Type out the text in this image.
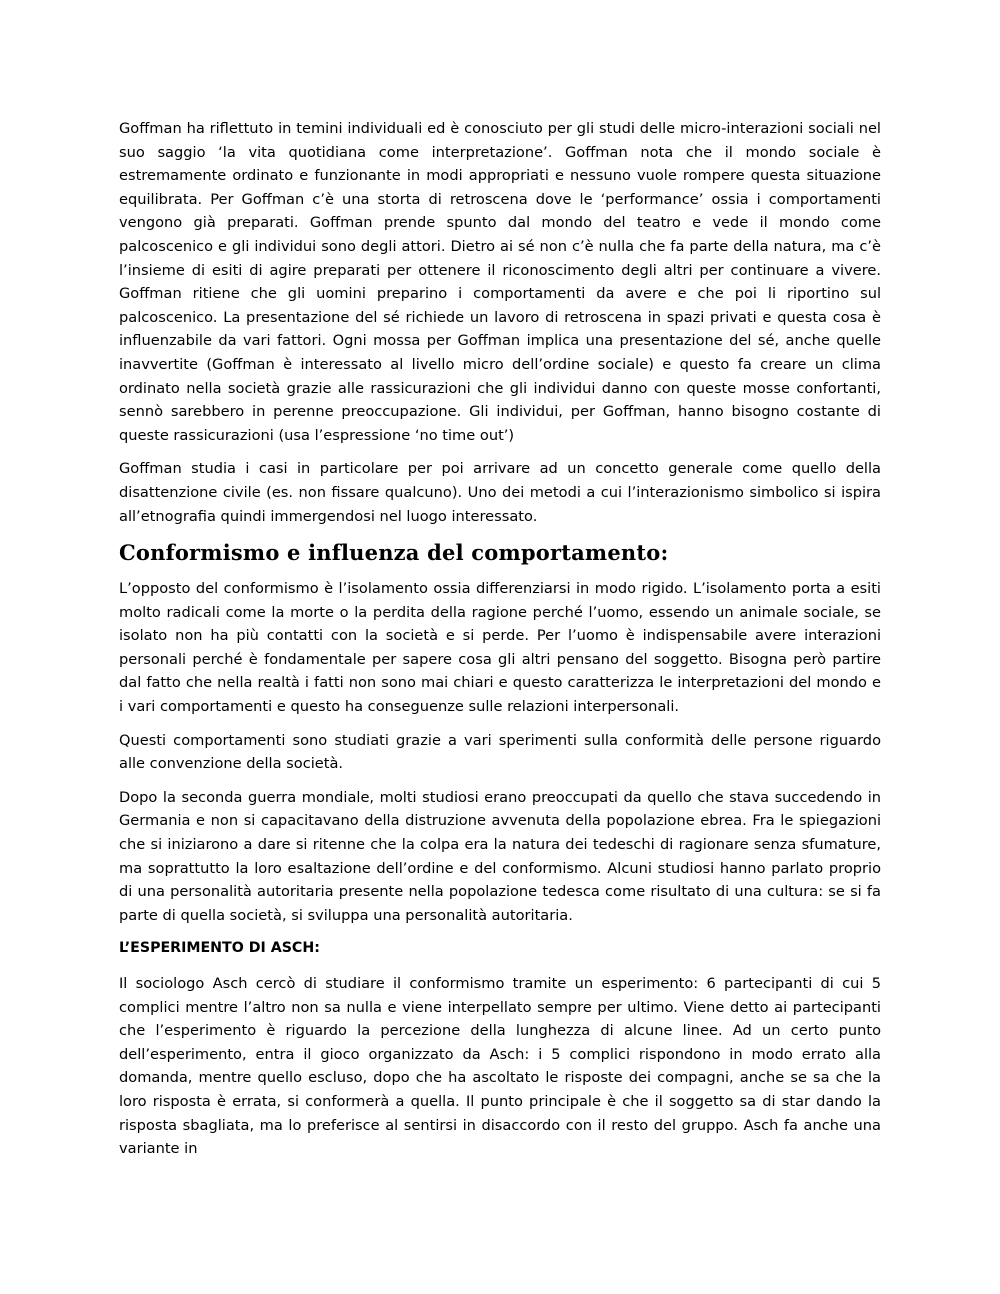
Goffman ha riflettuto in temini individuali ed è conosciuto per gli studi delle micro-interazioni sociali nel suo saggio ‘la vita quotidiana come interpretazione’. Goffman nota che il mondo sociale è estremamente ordinato e funzionante in modi appropriati e nessuno vuole rompere questa situazione equilibrata. Per Goffman c’è una storta di retroscena dove le ‘performance’ ossia i comportamenti vengono già preparati. Goffman prende spunto dal mondo del teatro e vede il mondo come palcoscenico e gli individui sono degli attori. Dietro ai sé non c’è nulla che fa parte della natura, ma c’è l’insieme di esiti di agire preparati per ottenere il riconoscimento degli altri per continuare a vivere. Goffman ritiene che gli uomini preparino i comportamenti da avere e che poi li riportino sul palcoscenico. La presentazione del sé richiede un lavoro di retroscena in spazi privati e questa cosa è influenzabile da vari fattori. Ogni mossa per Goffman implica una presentazione del sé, anche quelle inavvertite (Goffman è interessato al livello micro dell’ordine sociale) e questo fa creare un clima ordinato nella società grazie alle rassicurazioni che gli individui danno con queste mosse confortanti, sennò sarebbero in perenne preoccupazione. Gli individui, per Goffman, hanno bisogno costante di queste rassicurazioni (usa l’espressione ‘no time out’)

Goffman studia i casi in particolare per poi arrivare ad un concetto generale come quello della disattenzione civile (es. non fissare qualcuno). Uno dei metodi a cui l’interazionismo simbolico si ispira all’etnografia quindi immergendosi nel luogo interessato.

Conformismo e influenza del comportamento:

L’opposto del conformismo è l’isolamento ossia differenziarsi in modo rigido. L’isolamento porta a esiti molto radicali come la morte o la perdita della ragione perché l’uomo, essendo un animale sociale, se isolato non ha più contatti con la società e si perde. Per l’uomo è indispensabile avere interazioni personali perché è fondamentale per sapere cosa gli altri pensano del soggetto. Bisogna però partire dal fatto che nella realtà i fatti non sono mai chiari e questo caratterizza le interpretazioni del mondo e i vari comportamenti e questo ha conseguenze sulle relazioni interpersonali.

Questi comportamenti sono studiati grazie a vari sperimenti sulla conformità delle persone riguardo alle convenzione della società.

Dopo la seconda guerra mondiale, molti studiosi erano preoccupati da quello che stava succedendo in Germania e non si capacitavano della distruzione avvenuta della popolazione ebrea. Fra le spiegazioni che si iniziarono a dare si ritenne che la colpa era la natura dei tedeschi di ragionare senza sfumature, ma soprattutto la loro esaltazione dell’ordine e del conformismo. Alcuni studiosi hanno parlato proprio di una personalità autoritaria presente nella popolazione tedesca come risultato di una cultura: se si fa parte di quella società, si sviluppa una personalità autoritaria.

L’ESPERIMENTO DI ASCH:

Il sociologo Asch cercò di studiare il conformismo tramite un esperimento: 6 partecipanti di cui 5 complici mentre l’altro non sa nulla e viene interpellato sempre per ultimo. Viene detto ai partecipanti che l’esperimento è riguardo la percezione della lunghezza di alcune linee. Ad un certo punto dell’esperimento, entra il gioco organizzato da Asch: i 5 complici rispondono in modo errato alla domanda, mentre quello escluso, dopo che ha ascoltato le risposte dei compagni, anche se sa che la loro risposta è errata, si conformerà a quella. Il punto principale è che il soggetto sa di star dando la risposta sbagliata, ma lo preferisce al sentirsi in disaccordo con il resto del gruppo. Asch fa anche una variante in
